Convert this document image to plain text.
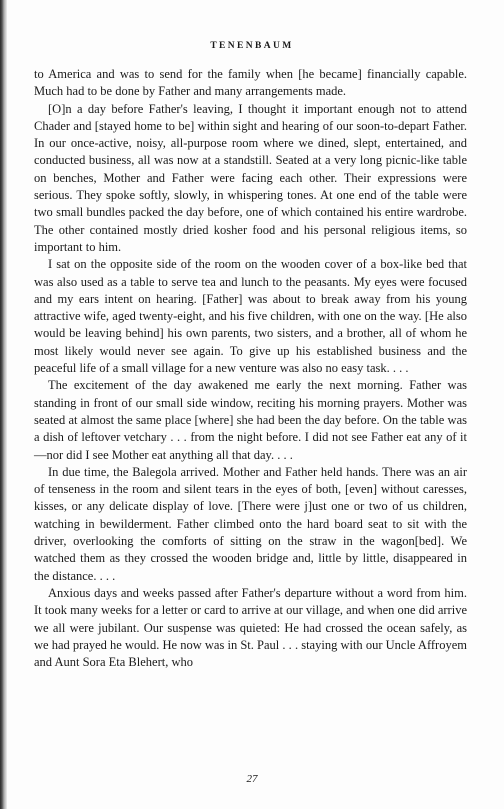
TENENBAUM

to America and was to send for the family when [he became] financially capable. Much had to be done by Father and many arrangements made.

[O]n a day before Father's leaving, I thought it important enough not to attend Chader and [stayed home to be] within sight and hearing of our soon-to-depart Father. In our once-active, noisy, all-purpose room where we dined, slept, entertained, and conducted business, all was now at a standstill. Seated at a very long picnic-like table on benches, Mother and Father were facing each other. Their expressions were serious. They spoke softly, slowly, in whispering tones. At one end of the table were two small bundles packed the day before, one of which contained his entire wardrobe. The other contained mostly dried kosher food and his personal religious items, so important to him.

I sat on the opposite side of the room on the wooden cover of a box-like bed that was also used as a table to serve tea and lunch to the peasants. My eyes were focused and my ears intent on hearing. [Father] was about to break away from his young attractive wife, aged twenty-eight, and his five children, with one on the way. [He also would be leaving behind] his own parents, two sisters, and a brother, all of whom he most likely would never see again. To give up his established business and the peaceful life of a small village for a new venture was also no easy task. . . .

The excitement of the day awakened me early the next morning. Father was standing in front of our small side window, reciting his morning prayers. Mother was seated at almost the same place [where] she had been the day before. On the table was a dish of leftover vetchary . . . from the night before. I did not see Father eat any of it—nor did I see Mother eat anything all that day. . . .

In due time, the Balegola arrived. Mother and Father held hands. There was an air of tenseness in the room and silent tears in the eyes of both, [even] without caresses, kisses, or any delicate display of love. [There were j]ust one or two of us children, watching in bewilderment. Father climbed onto the hard board seat to sit with the driver, overlooking the comforts of sitting on the straw in the wagon[bed]. We watched them as they crossed the wooden bridge and, little by little, disappeared in the distance. . . .

Anxious days and weeks passed after Father's departure without a word from him. It took many weeks for a letter or card to arrive at our village, and when one did arrive we all were jubilant. Our suspense was quieted: He had crossed the ocean safely, as we had prayed he would. He now was in St. Paul . . . staying with our Uncle Affroyem and Aunt Sora Eta Blehert, who

27
